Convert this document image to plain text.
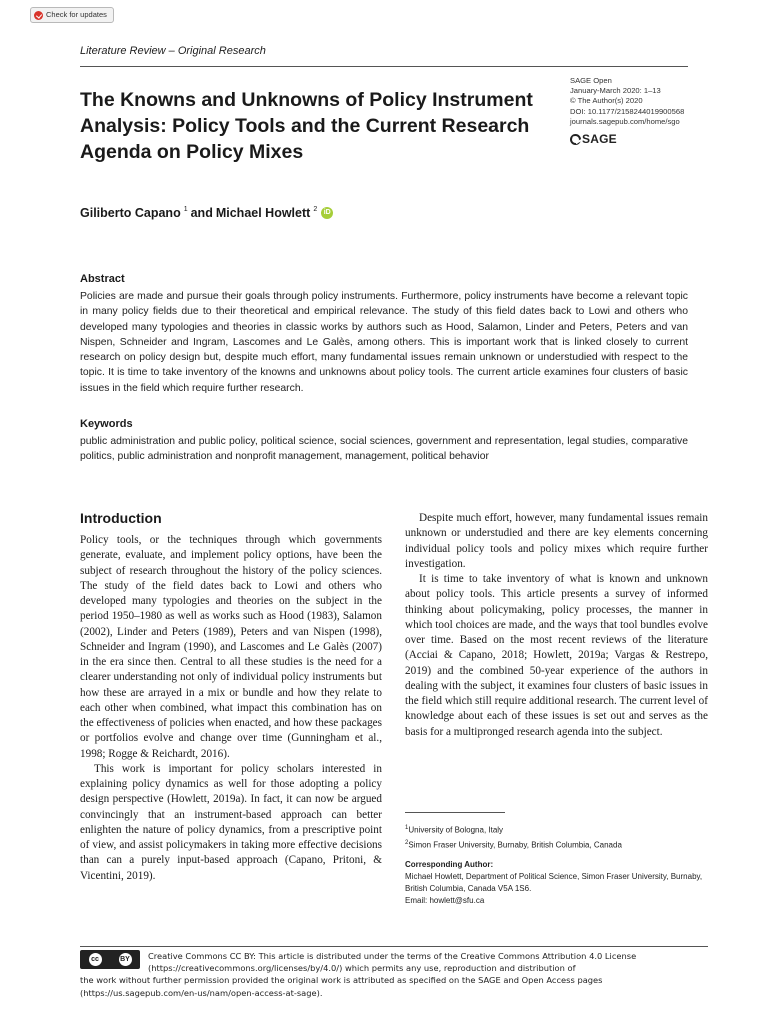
Check for updates
Literature Review – Original Research
The Knowns and Unknowns of Policy Instrument Analysis: Policy Tools and the Current Research Agenda on Policy Mixes
SAGE Open
January-March 2020: 1–13
© The Author(s) 2020
DOI: 10.1177/2158244019900568
journals.sagepub.com/home/sgo
SAGE
Giliberto Capano $^1$ and Michael Howlett $^2$ iD
Abstract

Policies are made and pursue their goals through policy instruments. Furthermore, policy instruments have become a relevant topic in many policy fields due to their theoretical and empirical relevance. The study of this field dates back to Lowi and others who developed many typologies and theories in classic works by authors such as Hood, Salamon, Linder and Peters, Peters and van Nispen, Schneider and Ingram, Lascomes and Le Galès, among others. This is important work that is linked closely to current research on policy design but, despite much effort, many fundamental issues remain unknown or understudied with respect to the topic. It is time to take inventory of the knowns and unknowns about policy tools. The current article examines four clusters of basic issues in the field which require further research.

Keywords

public administration and public policy, political science, social sciences, government and representation, legal studies, comparative politics, public administration and nonprofit management, management, political behavior

Introduction

Policy tools, or the techniques through which governments generate, evaluate, and implement policy options, have been the subject of research throughout the history of the policy sciences. The study of the field dates back to Lowi and others who developed many typologies and theories on the subject in the period 1950–1980 as well as works such as Hood (1983), Salamon (2002), Linder and Peters (1989), Peters and van Nispen (1998), Schneider and Ingram (1990), and Lascomes and Le Galès (2007) in the era since then. Central to all these studies is the need for a clearer understanding not only of individual policy instruments but how these are arrayed in a mix or bundle and how they relate to each other when combined, what impact this combination has on the effectiveness of policies when enacted, and how these packages or portfolios evolve and change over time (Gunningham et al., 1998; Rogge & Reichardt, 2016).

This work is important for policy scholars interested in explaining policy dynamics as well for those adopting a policy design perspective (Howlett, 2019a). In fact, it can now be argued convincingly that an instrument-based approach can better enlighten the nature of policy dynamics, from a prescriptive point of view, and assist policymakers in taking more effective decisions than can a purely input-based approach (Capano, Pritoni, & Vicentini, 2019).

Despite much effort, however, many fundamental issues remain unknown or understudied and there are key elements concerning individual policy tools and policy mixes which require further investigation.

It is time to take inventory of what is known and unknown about policy tools. This article presents a survey of informed thinking about policymaking, policy processes, the manner in which tool choices are made, and the ways that tool bundles evolve over time. Based on the most recent reviews of the literature (Acciai & Capano, 2018; Howlett, 2019a; Vargas & Restrepo, 2019) and the combined 50-year experience of the authors in dealing with the subject, it examines four clusters of basic issues in the field which still require additional research. The current level of knowledge about each of these issues is set out and serves as the basis for a multipronged research agenda into the subject.

$^1$University of Bologna, Italy
$^2$Simon Fraser University, Burnaby, British Columbia, Canada
Corresponding Author:
Michael Howlett, Department of Political Science, Simon Fraser University, Burnaby, British Columbia, Canada V5A 1S6.
Email: howlett@sfu.ca
Creative Commons CC BY: This article is distributed under the terms of the Creative Commons Attribution 4.0 License
(https://creativecommons.org/licenses/by/4.0/) which permits any use, reproduction and distribution of
the work without further permission provided the original work is attributed as specified on the SAGE and Open Access pages
(https://us.sagepub.com/en-us/nam/open-access-at-sage).
cc	BY
